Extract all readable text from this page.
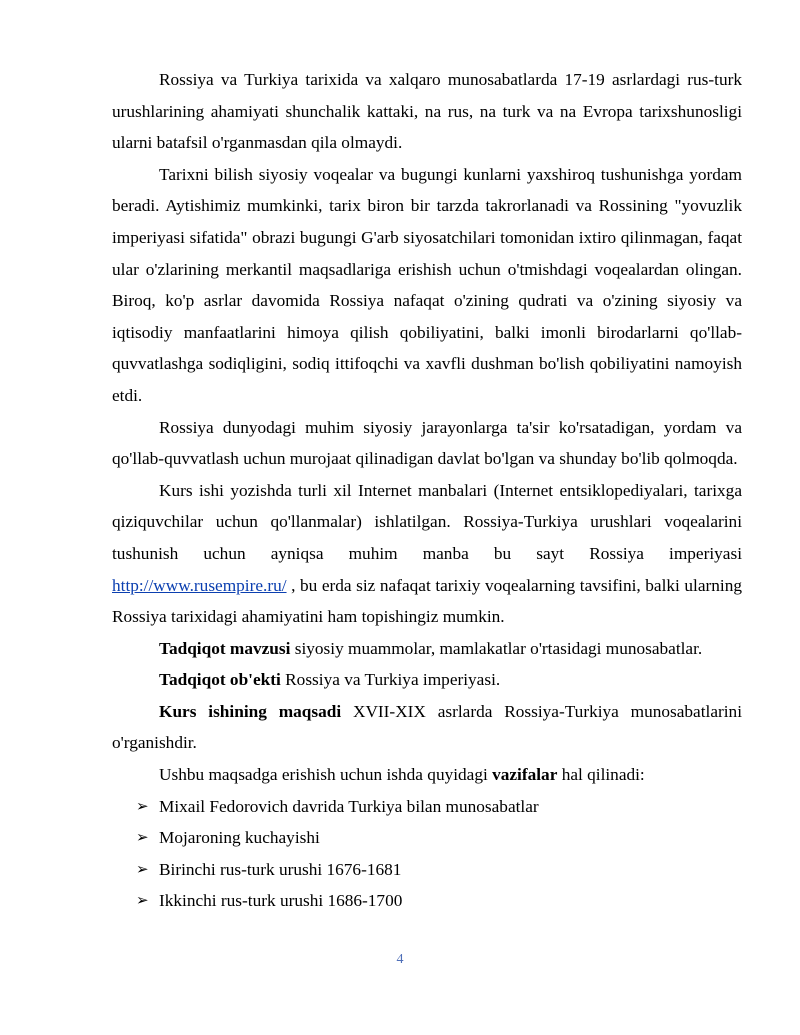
Rossiya va Turkiya tarixida va xalqaro munosabatlarda 17-19 asrlardagi rus-turk urushlarining ahamiyati shunchalik kattaki, na rus, na turk va na Evropa tarixshunosligi ularni batafsil o'rganmasdan qila olmaydi.

Tarixni bilish siyosiy voqealar va bugungi kunlarni yaxshiroq tushunishga yordam beradi. Aytishimiz mumkinki, tarix biron bir tarzda takrorlanadi va Rossining "yovuzlik imperiyasi sifatida" obrazi bugungi G'arb siyosatchilari tomonidan ixtiro qilinmagan, faqat ular o'zlarining merkantil maqsadlariga erishish uchun o'tmishdagi voqealardan olingan. Biroq, ko'p asrlar davomida Rossiya nafaqat o'zining qudrati va o'zining siyosiy va iqtisodiy manfaatlarini himoya qilish qobiliyatini, balki imonli birodarlarni qo'llab-quvvatlashga sodiqligini, sodiq ittifoqchi va xavfli dushman bo'lish qobiliyatini namoyish etdi.

Rossiya dunyodagi muhim siyosiy jarayonlarga ta'sir ko'rsatadigan, yordam va qo'llab-quvvatlash uchun murojaat qilinadigan davlat bo'lgan va shunday bo'lib qolmoqda.

Kurs ishi yozishda turli xil Internet manbalari (Internet entsiklopediyalari, tarixga qiziquvchilar uchun qo'llanmalar) ishlatilgan. Rossiya-Turkiya urushlari voqealarini tushunish uchun ayniqsa muhim manba bu sayt Rossiya imperiyasi http://www.rusempire.ru/ , bu erda siz nafaqat tarixiy voqealarning tavsifini, balki ularning Rossiya tarixidagi ahamiyatini ham topishingiz mumkin.

Tadqiqot mavzusi siyosiy muammolar, mamlakatlar o'rtasidagi munosabatlar.

Tadqiqot ob'ekti Rossiya va Turkiya imperiyasi.

Kurs ishining maqsadi XVII-XIX asrlarda Rossiya-Turkiya munosabatlarini o'rganishdir.

Ushbu maqsadga erishish uchun ishda quyidagi vazifalar hal qilinadi:

➢ Mixail Fedorovich davrida Turkiya bilan munosabatlar
➢ Mojaroning kuchayishi
➢ Birinchi rus-turk urushi 1676-1681
➢ Ikkinchi rus-turk urushi 1686-1700
4
